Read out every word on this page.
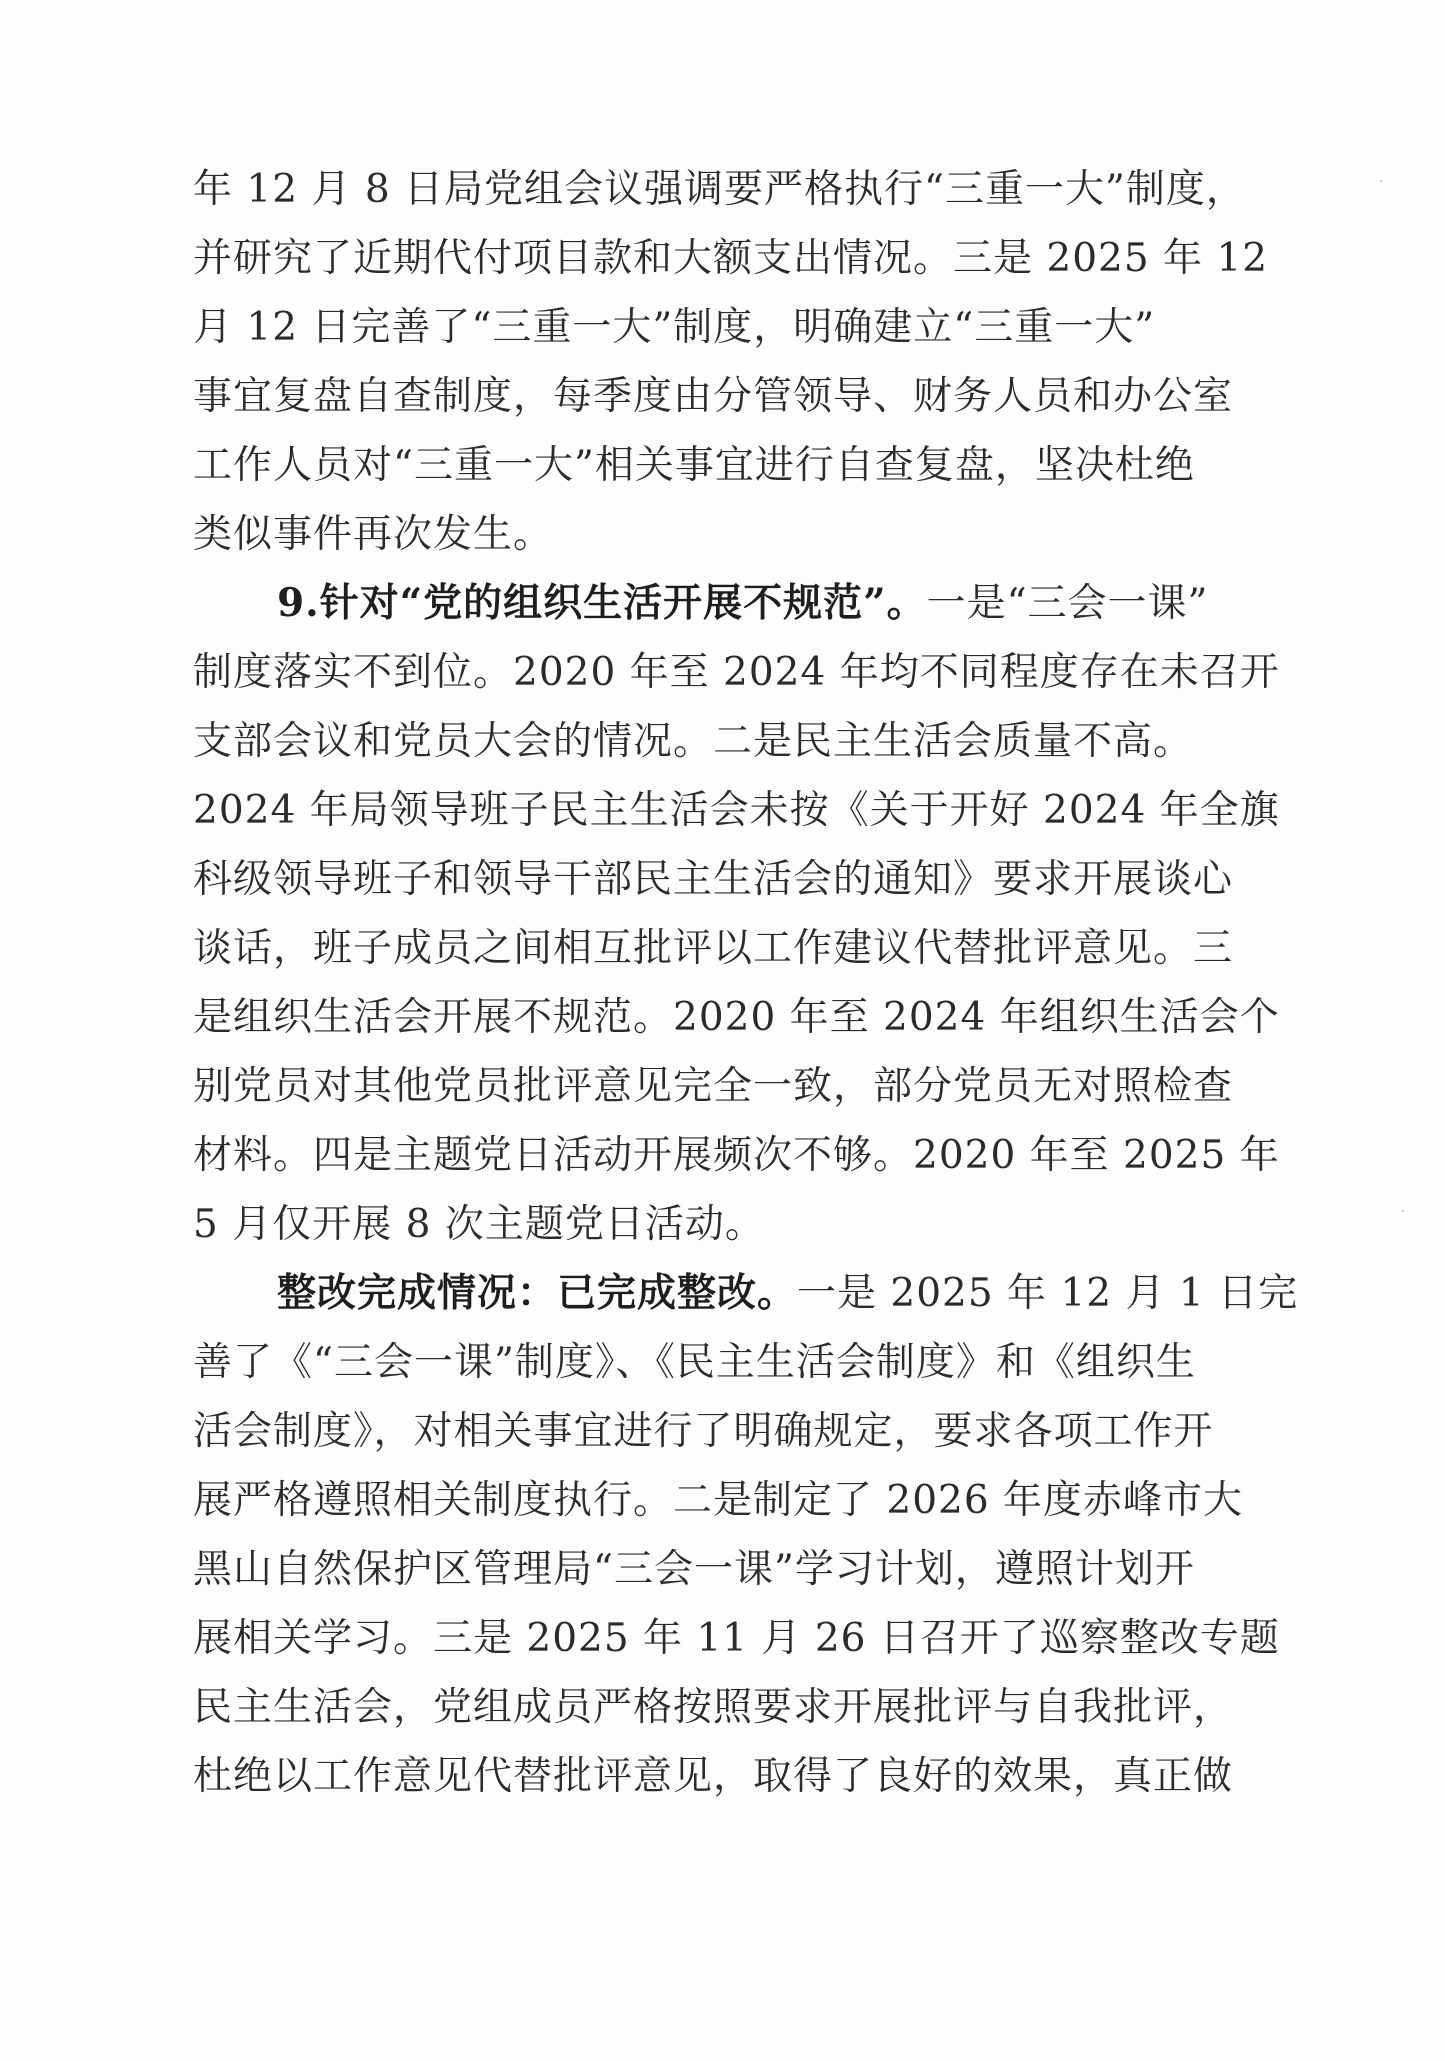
年 12 月 8 日局党组会议强调要严格执行“三重一大”制度，
并研究了近期代付项目款和大额支出情况。三是 2025 年 12
月 12 日完善了“三重一大”制度，明确建立“三重一大”
事宜复盘自查制度，每季度由分管领导、财务人员和办公室
工作人员对“三重一大”相关事宜进行自查复盘，坚决杜绝
类似事件再次发生。
9.针对“党的组织生活开展不规范”。一是“三会一课”
制度落实不到位。2020 年至 2024 年均不同程度存在未召开
支部会议和党员大会的情况。二是民主生活会质量不高。
2024 年局领导班子民主生活会未按《关于开好 2024 年全旗
科级领导班子和领导干部民主生活会的通知》要求开展谈心
谈话，班子成员之间相互批评以工作建议代替批评意见。三
是组织生活会开展不规范。2020 年至 2024 年组织生活会个
别党员对其他党员批评意见完全一致，部分党员无对照检查
材料。四是主题党日活动开展频次不够。2020 年至 2025 年
5 月仅开展 8 次主题党日活动。
整改完成情况：已完成整改。一是 2025 年 12 月 1 日完
善了《“三会一课”制度》、《民主生活会制度》和《组织生
活会制度》，对相关事宜进行了明确规定，要求各项工作开
展严格遵照相关制度执行。二是制定了 2026 年度赤峰市大
黑山自然保护区管理局“三会一课”学习计划，遵照计划开
展相关学习。三是 2025 年 11 月 26 日召开了巡察整改专题
民主生活会，党组成员严格按照要求开展批评与自我批评，
杜绝以工作意见代替批评意见，取得了良好的效果，真正做
